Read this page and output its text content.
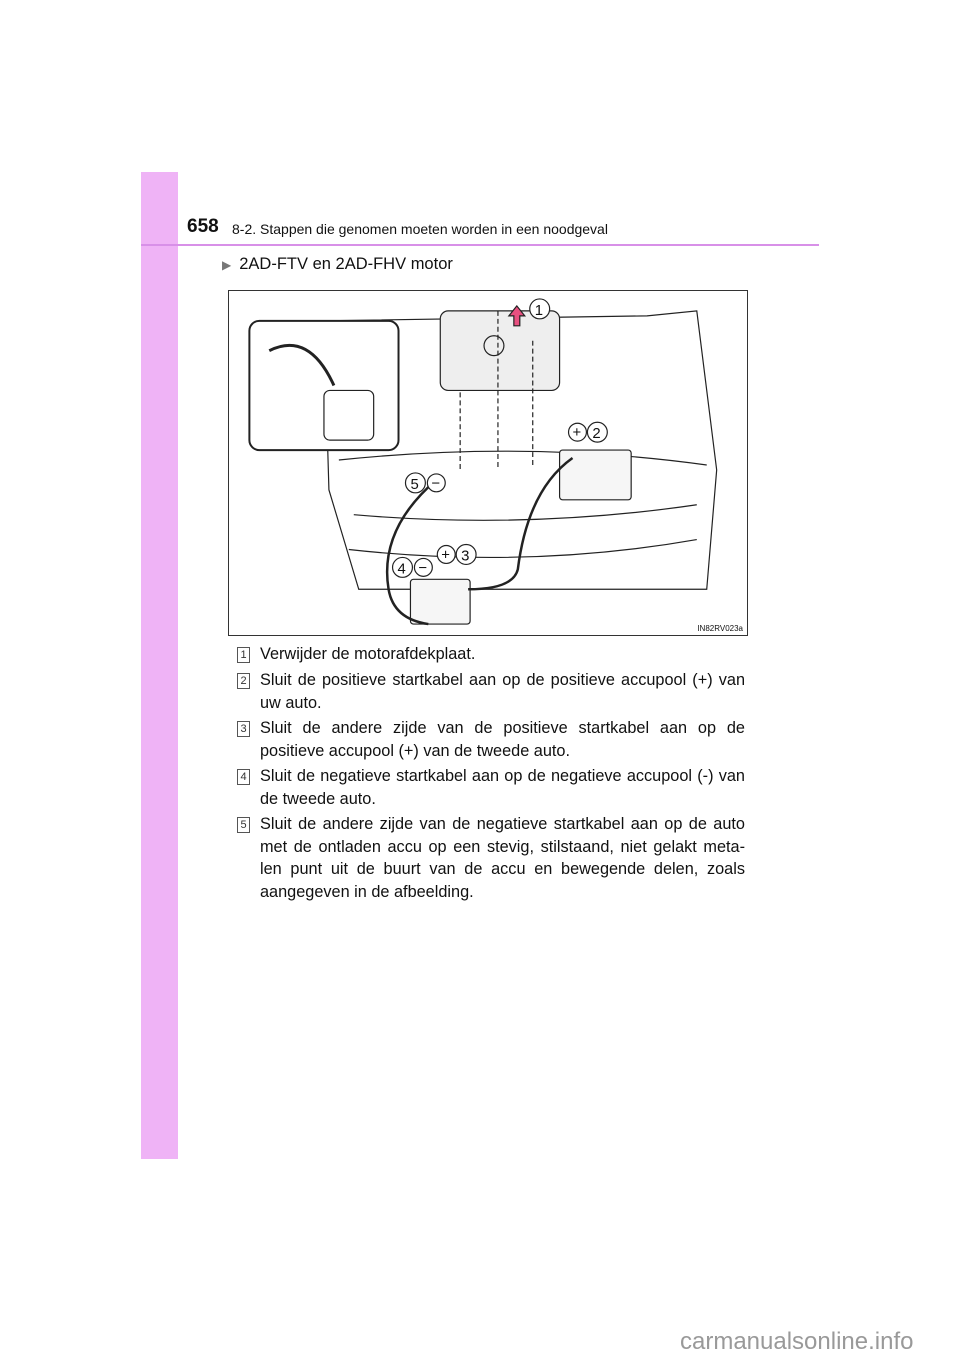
658 8-2. Stappen die genomen moeten worden in een noodgeval
▶ 2AD-FTV en 2AD-FHV motor
1
+ 2
+ 3
−
4
−
5
IN82RV023a
1 Verwijder de motorafdekplaat.
2 Sluit de positieve startkabel aan op de positieve accupool (+) van uw auto.
3 Sluit de andere zijde van de positieve startkabel aan op de positieve accupool (+) van de tweede auto.
4 Sluit de negatieve startkabel aan op de negatieve accupool (-) van de tweede auto.
5 Sluit de andere zijde van de negatieve startkabel aan op de auto met de ontladen accu op een stevig, stilstaand, niet gelakt meta-len punt uit de buurt van de accu en bewegende delen, zoals aangegeven in de afbeelding.
carmanualsonline.info
